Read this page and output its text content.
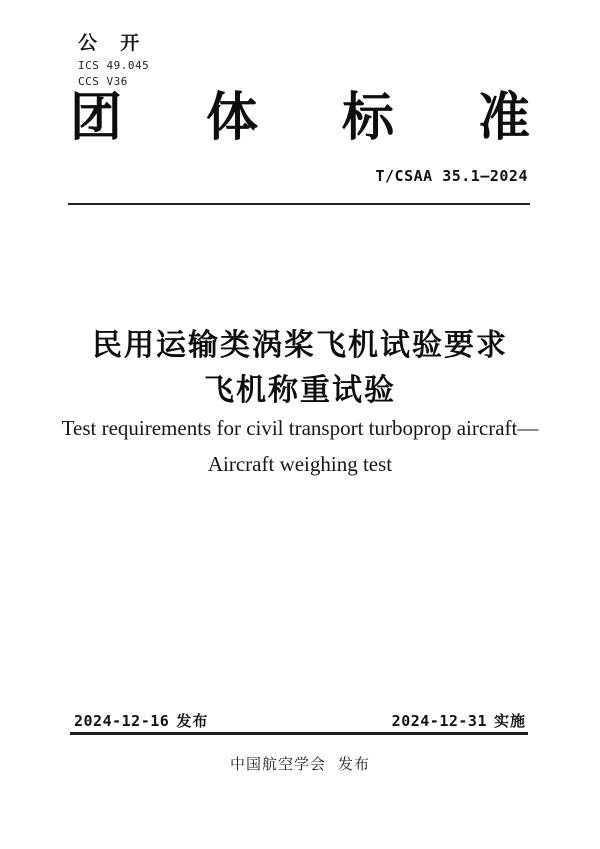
公 开
ICS 49.045
CCS V36
团 体 标 准
T/CSAA 35.1—2024
民用运输类涡桨飞机试验要求
飞机称重试验
Test requirements for civil transport turboprop aircraft—
Aircraft weighing test
2024-12-16 发布	2024-12-31 实施
中国航空学会 发布
